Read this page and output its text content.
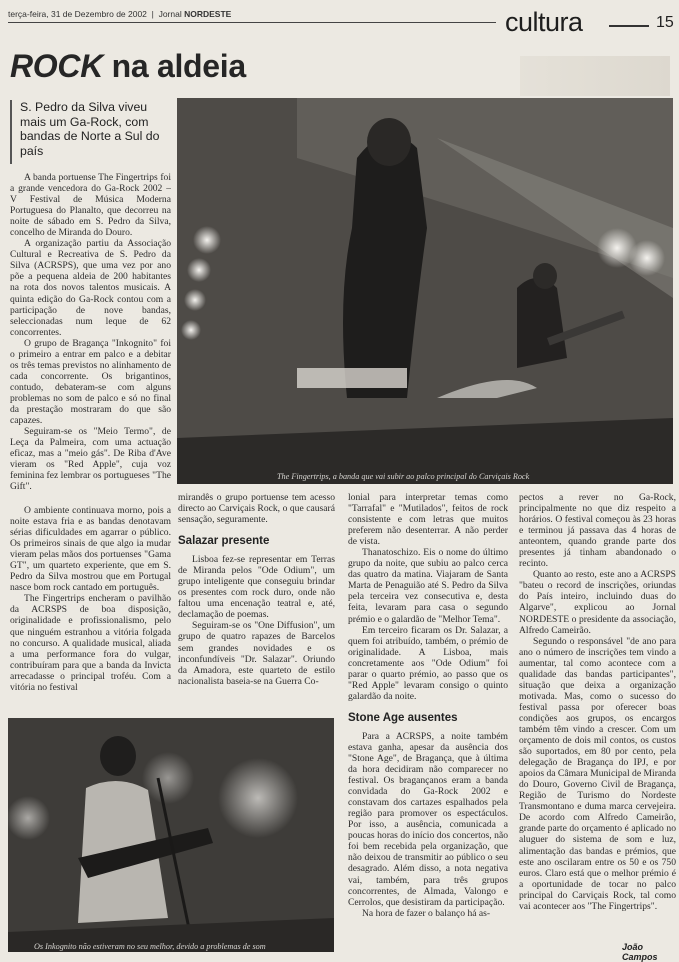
terça-feira, 31 de Dezembro de 2002  |  Jornal NORDESTE	cultura	15
ROCK na aldeia
S. Pedro da Silva viveu mais um Ga-Rock, com bandas de Norte a Sul do país

A banda portuense The Fingertrips foi a grande vencedora do Ga-Rock 2002 – V Festival de Música Moderna Portuguesa do Planalto, que decorreu na noite de sábado em S. Pedro da Silva, concelho de Miranda do Douro.

A organização partiu da Associação Cultural e Recreativa de S. Pedro da Silva (ACRSPS), que uma vez por ano põe a pequena aldeia de 200 habitantes na rota dos novos talentos musicais. A quinta edição do Ga-Rock contou com a participação de nove bandas, seleccionadas num leque de 62 concorrentes.

O grupo de Bragança "Inkognito" foi o primeiro a entrar em palco e a debitar os três temas previstos no alinhamento de cada concorrente. Os brigantinos, contudo, debateram-se com alguns problemas no som de palco e só no final da prestação mostraram do que são capazes.

Seguiram-se os "Meio Termo", de Leça da Palmeira, com uma actuação eficaz, mas a "meio gás". De Riba d'Ave vieram os "Red Apple", cuja voz feminina fez lembrar os portugueses "The Gift".

The Fingertrips, a banda que vai subir ao palco principal do Carviçais Rock

O ambiente continuava morno, pois a noite estava fria e as bandas denotavam sérias dificuldades em agarrar o público. Os primeiros sinais de que algo ia mudar vieram pelas mãos dos portuenses "Gama GT", um quarteto experiente, que em S. Pedro da Silva mostrou que em Portugal nasce bom rock cantado em português.

The Fingertrips encheram o pavilhão da ACRSPS de boa disposição, originalidade e profissionalismo, pelo que ninguém estranhou a vitória folgada no concurso. A qualidade musical, aliada a uma performance fora do vulgar, contribuíram para que a banda da Invicta arrecadasse o principal troféu. Com a vitória no festival

mirandês o grupo portuense tem acesso directo ao Carviçais Rock, o que causará sensação, seguramente.

Salazar presente

Lisboa fez-se representar em Terras de Miranda pelos "Ode Odium", um grupo inteligente que conseguiu brindar os presentes com rock duro, onde não faltou uma encenação teatral e, até, declamação de poemas.

Seguiram-se os "One Diffusion", um grupo de quatro rapazes de Barcelos sem grandes novidades e os inconfundíveis "Dr. Salazar". Oriundo da Amadora, este quarteto de estilo nacionalista baseia-se na Guerra Co-

Os Inkognito não estiveram no seu melhor, devido a problemas de som

lonial para interpretar temas como "Tarrafal" e "Mutilados", feitos de rock consistente e com letras que muitos preferem não desenterrar. A não perder de vista.

Thanatoschizo. Eis o nome do último grupo da noite, que subiu ao palco cerca das quatro da matina. Viajaram de Santa Marta de Penaguião até S. Pedro da Silva pela terceira vez consecutiva e, desta feita, levaram para casa o segundo prémio e o galardão de "Melhor Tema".

Em terceiro ficaram os Dr. Salazar, a quem foi atribuído, também, o prémio de originalidade. A Lisboa, mais concretamente aos "Ode Odium" foi parar o quarto prémio, ao passo que os "Red Apple" levaram consigo o quinto galardão da noite.

Stone Age ausentes

Para a ACRSPS, a noite também estava ganha, apesar da ausência dos "Stone Age", de Bragança, que à última da hora decidiram não comparecer no festival. Os bragançanos eram a banda convidada do Ga-Rock 2002 e constavam dos cartazes espalhados pela região para promover os espectáculos. Por isso, a ausência, comunicada a poucas horas do início dos concertos, não foi bem recebida pela organização, que não deixou de transmitir ao público o seu desagrado. Além disso, a nota negativa vai, também, para três grupos concorrentes, de Almada, Valongo e Cerrolos, que desistiram da participação.

Na hora de fazer o balanço há as-

pectos a rever no Ga-Rock, principalmente no que diz respeito a horários. O festival começou às 23 horas e terminou já passava das 4 horas de anteontem, quando grande parte dos presentes já tinham abandonado o recinto.

Quanto ao resto, este ano a ACRSPS "bateu o record de inscrições, oriundas do País inteiro, incluindo duas do Algarve", explicou ao Jornal NORDESTE o presidente da associação, Alfredo Cameirão.

Segundo o responsável "de ano para ano o número de inscrições tem vindo a aumentar, tal como acontece com a qualidade das bandas participantes", situação que deixa a organização motivada. Mas, como o sucesso do festival passa por oferecer boas condições aos grupos, os encargos também têm vindo a crescer. Com um orçamento de dois mil contos, os custos são suportados, em 80 por cento, pela delegação de Bragança do IPJ, e por apoios da Câmara Municipal de Miranda do Douro, Governo Civil de Bragança, Região de Turismo do Nordeste Transmontano e duma marca cervejeira. De acordo com Alfredo Cameirão, grande parte do orçamento é aplicado no aluguer do sistema de som e luz, alimentação das bandas e prémios, que este ano oscilaram entre os 50 e os 750 euros. Claro está que o melhor prémio é a oportunidade de tocar no palco principal do Carviçais Rock, tal como vai acontecer aos "The Fingertrips".

João Campos
